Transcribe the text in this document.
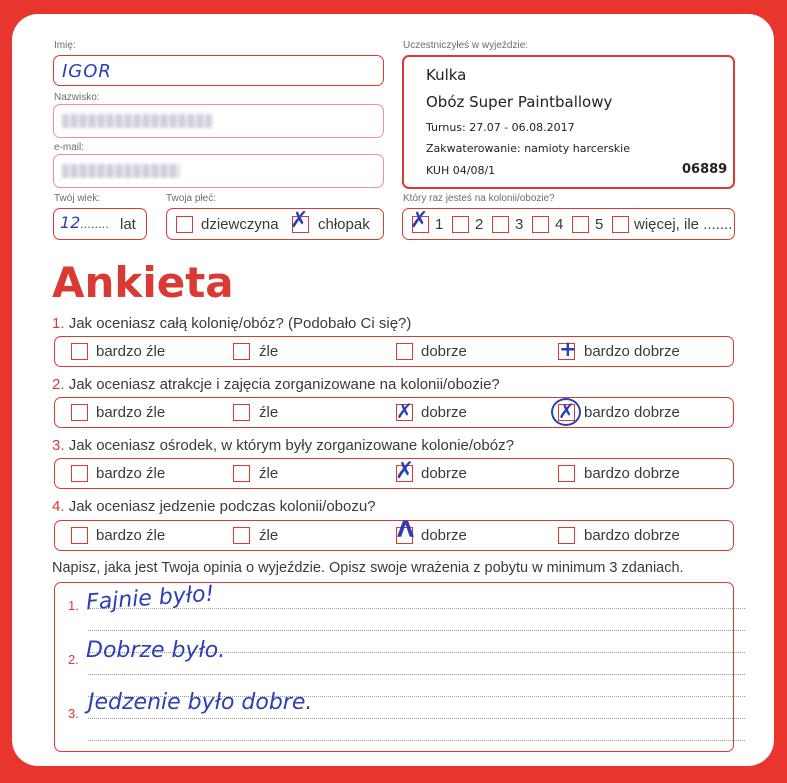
Imię:
IGOR
Nazwisko:
e-mail:
Twój wiek:
12 ........ lat
Twoja płeć:
dziewczyna ✗ chłopak
Uczestniczyłeś w wyjeździe:
Kulka
Obóz Super Paintballowy
Turnus: 27.07 - 06.08.2017
Zakwaterowanie: namioty harcerskie
KUH 04/08/1	06889
Który raz jesteś na kolonii/obozie?
✗ 1 2 3 4 5 więcej, ile .......
Ankieta
1. Jak oceniasz całą kolonię/obóz? (Podobało Ci się?)
bardzo źle	źle	dobrze	+ bardzo dobrze
2. Jak oceniasz atrakcje i zajęcia zorganizowane na kolonii/obozie?
bardzo źle	źle	✗ dobrze	✗ bardzo dobrze
3. Jak oceniasz ośrodek, w którym były zorganizowane kolonie/obóz?
bardzo źle	źle	✗ dobrze	bardzo dobrze
4. Jak oceniasz jedzenie podczas kolonii/obozu?
bardzo źle	źle	Λ dobrze	bardzo dobrze
Napisz, jaka jest Twoja opinia o wyjeździe. Opisz swoje wrażenia z pobytu w minimum 3 zdaniach.
1. Fajnie było!
2. Dobrze było.
3. Jedzenie było dobre.
